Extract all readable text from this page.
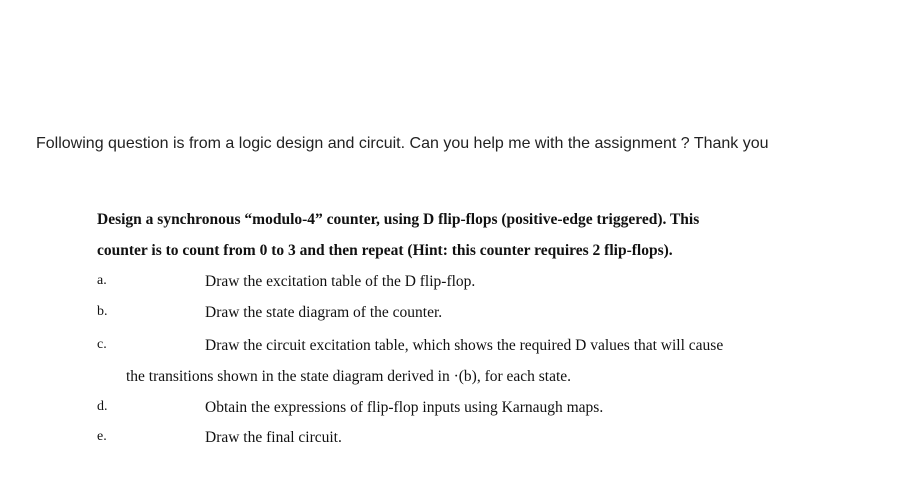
Following question is from a logic design and circuit. Can you help me with the assignment ? Thank you
Design a synchronous “modulo-4” counter, using D flip-flops (positive-edge triggered). This
counter is to count from 0 to 3 and then repeat (Hint: this counter requires 2 flip-flops).
a.	Draw the excitation table of the D flip-flop.
b.	Draw the state diagram of the counter.
c.	Draw the circuit excitation table, which shows the required D values that will cause
the transitions shown in the state diagram derived in ·(b), for each state.
d.	Obtain the expressions of flip-flop inputs using Karnaugh maps.
e.	Draw the final circuit.
